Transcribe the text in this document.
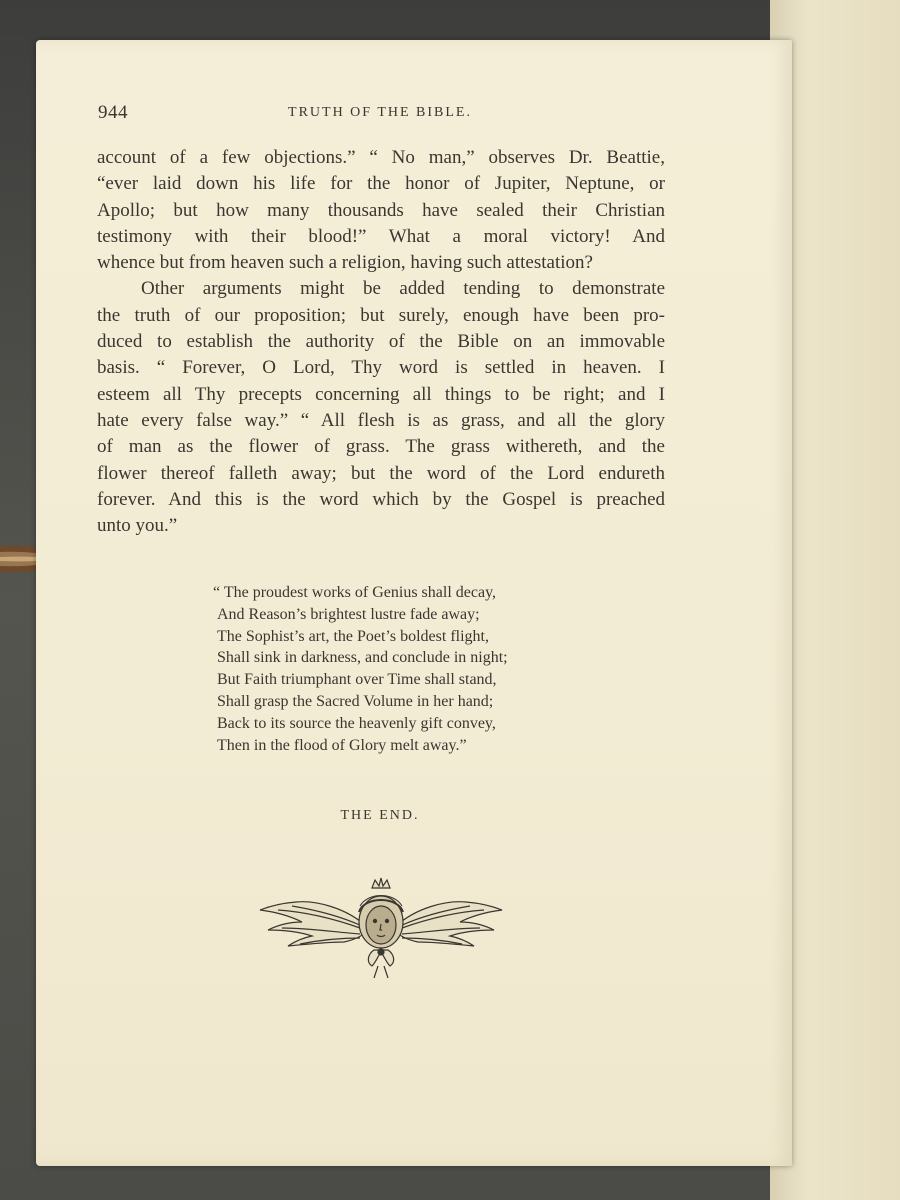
944	TRUTH OF THE BIBLE.
account of a few objections.” “ No man,” observes Dr. Beattie,
“ever laid down his life for the honor of Jupiter, Neptune, or
Apollo; but how many thousands have sealed their Christian
testimony with their blood!” What a moral victory! And
whence but from heaven such a religion, having such attestation?
Other arguments might be added tending to demonstrate
the truth of our proposition; but surely, enough have been pro-
duced to establish the authority of the Bible on an immovable
basis. “ Forever, O Lord, Thy word is settled in heaven. I
esteem all Thy precepts concerning all things to be right; and I
hate every false way.” “ All flesh is as grass, and all the glory
of man as the flower of grass. The grass withereth, and the
flower thereof falleth away; but the word of the Lord endureth
forever. And this is the word which by the Gospel is preached
unto you.”
“ The proudest works of Genius shall decay,
And Reason’s brightest lustre fade away;
The Sophist’s art, the Poet’s boldest flight,
Shall sink in darkness, and conclude in night;
But Faith triumphant over Time shall stand,
Shall grasp the Sacred Volume in her hand;
Back to its source the heavenly gift convey,
Then in the flood of Glory melt away.”
THE END.
